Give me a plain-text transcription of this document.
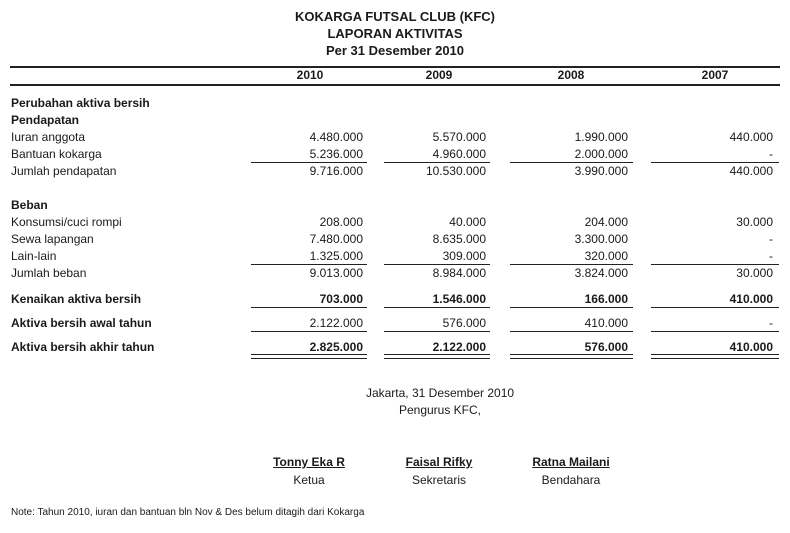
KOKARGA FUTSAL CLUB (KFC)
LAPORAN AKTIVITAS
Per 31 Desember 2010
2010	2009	2008	2007
Perubahan aktiva bersih
Pendapatan
Iuran anggota	4.480.000	5.570.000	1.990.000	440.000
Bantuan kokarga	5.236.000	4.960.000	2.000.000	-
Jumlah pendapatan	9.716.000	10.530.000	3.990.000	440.000
Beban
Konsumsi/cuci rompi	208.000	40.000	204.000	30.000
Sewa lapangan	7.480.000	8.635.000	3.300.000	-
Lain-lain	1.325.000	309.000	320.000	-
Jumlah beban	9.013.000	8.984.000	3.824.000	30.000
Kenaikan aktiva bersih	703.000	1.546.000	166.000	410.000
Aktiva bersih awal tahun	2.122.000	576.000	410.000	-
Aktiva bersih akhir tahun	2.825.000	2.122.000	576.000	410.000
Jakarta, 31 Desember 2010
Pengurus KFC,
Tonny Eka R
Ketua
Faisal Rifky
Sekretaris
Ratna Mailani
Bendahara
Note: Tahun 2010, iuran dan bantuan bln Nov & Des belum ditagih dari Kokarga
